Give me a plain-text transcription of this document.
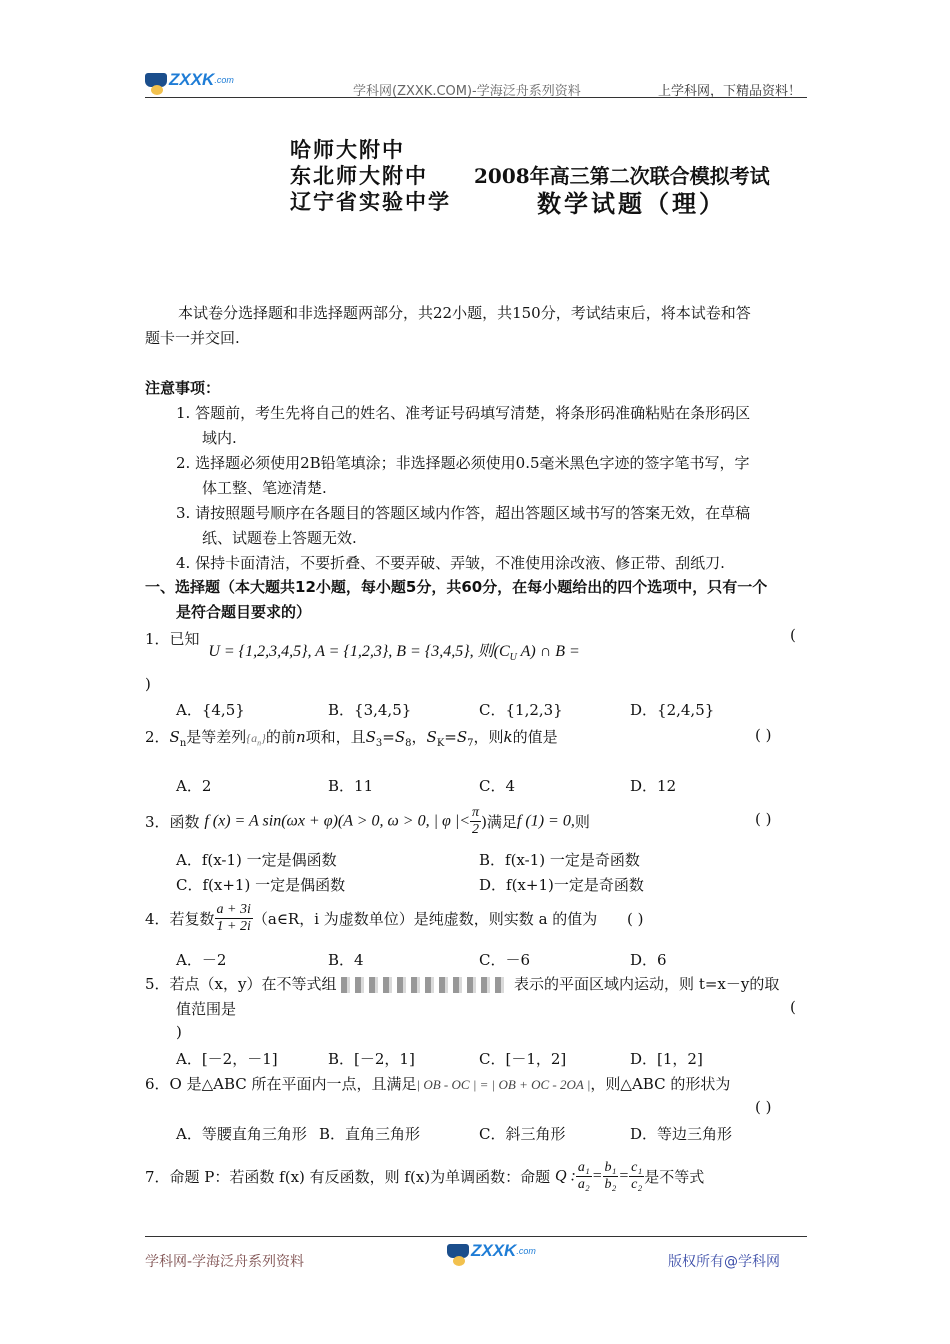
ZXXK .com
学科网(ZXXK.COM)-学海泛舟系列资料	上学科网，下精品资料！
哈师大附中
东北师大附中
辽宁省实验中学
2008年高三第二次联合模拟考试
数学试题（理）
本试卷分选择题和非选择题两部分，共22小题，共150分，考试结束后，将本试卷和答
题卡一并交回.
注意事项：
1. 答题前，考生先将自己的姓名、准考证号码填写清楚，将条形码准确粘贴在条形码区
域内.
2. 选择题必须使用2B铅笔填涂；非选择题必须使用0.5毫米黑色字迹的签字笔书写，字
体工整、笔迹清楚.
3. 请按照题号顺序在各题目的答题区域内作答，超出答题区域书写的答案无效，在草稿
纸、试题卷上答题无效.
4. 保持卡面清洁，不要折叠、不要弄破、弄皱，不准使用涂改液、修正带、刮纸刀.
一、选择题（本大题共12小题，每小题5分，共60分，在每小题给出的四个选项中，只有一个
是符合题目要求的）
1．已知 U = {1,2,3,4,5}, A = {1,2,3}, B = {3,4,5}, 则($C_U$ A) ∩ B =
(
)
A．{4,5}	B．{3,4,5}	C．{1,2,3}	D．{2,4,5}
2．$S_n$是等差列$\{a_n\}$的前n项和，且$S_3=S_8$，$S_K=S_7$，则k的值是	( )
A．2	B．11	C．4	D．12
3．函数 f (x) = A sin(ωx + φ)(A > 0, ω > 0, | φ |< $\frac{\pi}{2}$ )满足f (1) = 0,则	( )
A．f(x-1) 一定是偶函数	B．f(x-1) 一定是奇函数
C．f(x+1) 一定是偶函数	D．f(x+1)一定是奇函数
4．若复数 $\frac{a + 3i}{1 + 2i}$ （a∈R，i 为虚数单位）是纯虚数，则实数 a 的值为 ( )
A．－2	B．4	C．－6	D．6
5．若点（x，y）在不等式组	表示的平面区域内运动，则 t=x－y的取
值范围是	(
)
A．[－2，－1]	B．[－2，1]	C．[－1，2]	D．[1，2]
6．O 是△ABC 所在平面内一点，且满足| OB - OC | = | OB + OC - 2OA |，则△ABC 的形状为
( )
A．等腰直角三角形 B．直角三角形	C．斜三角形	D．等边三角形
7．命题 P：若函数 f(x) 有反函数，则 f(x)为单调函数：命题 Q : $\frac{\text{a₁}}{\text{a₂}} = \frac{\text{b₁}}{\text{b₂}} = \frac{\text{c₁}}{\text{c₂}}$ 是不等式
学科网-学海泛舟系列资料
ZXXK .com
版权所有@学科网
